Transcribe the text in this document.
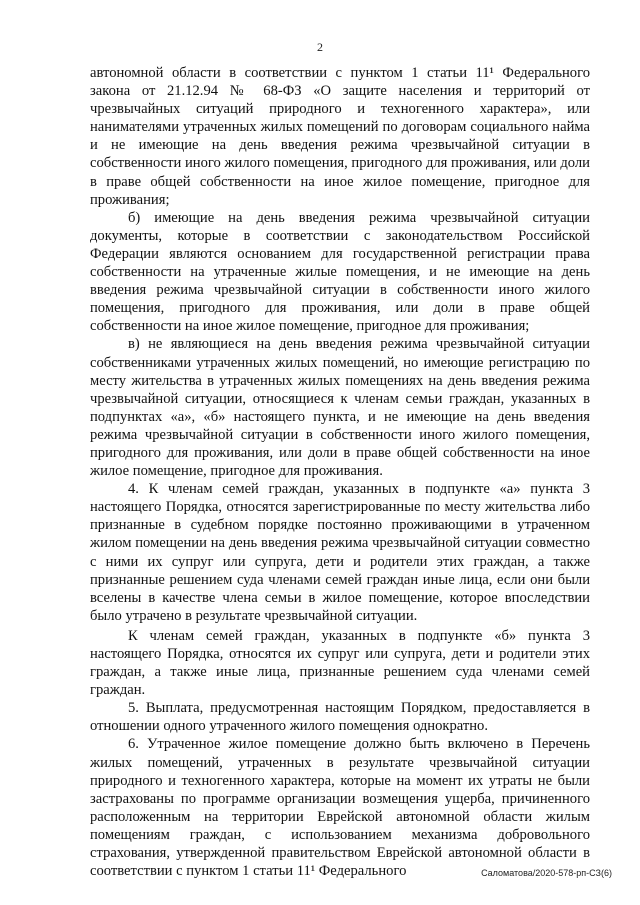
2

автономной области в соответствии с пунктом 1 статьи 11¹ Федерального закона от 21.12.94 № 68-ФЗ «О защите населения и территорий от чрезвычайных ситуаций природного и техногенного характера», или нанимателями утраченных жилых помещений по договорам социального найма и не имеющие на день введения режима чрезвычайной ситуации в собственности иного жилого помещения, пригодного для проживания, или доли в праве общей собственности на иное жилое помещение, пригодное для проживания;

б) имеющие на день введения режима чрезвычайной ситуации документы, которые в соответствии с законодательством Российской Федерации являются основанием для государственной регистрации права собственности на утраченные жилые помещения, и не имеющие на день введения режима чрезвычайной ситуации в собственности иного жилого помещения, пригодного для проживания, или доли в праве общей собственности на иное жилое помещение, пригодное для проживания;

в) не являющиеся на день введения режима чрезвычайной ситуации собственниками утраченных жилых помещений, но имеющие регистрацию по месту жительства в утраченных жилых помещениях на день введения режима чрезвычайной ситуации, относящиеся к членам семьи граждан, указанных в подпунктах «а», «б» настоящего пункта, и не имеющие на день введения режима чрезвычайной ситуации в собственности иного жилого помещения, пригодного для проживания, или доли в праве общей собственности на иное жилое помещение, пригодное для проживания.

4. К членам семей граждан, указанных в подпункте «а» пункта 3 настоящего Порядка, относятся зарегистрированные по месту жительства либо признанные в судебном порядке постоянно проживающими в утраченном жилом помещении на день введения режима чрезвычайной ситуации совместно с ними их супруг или супруга, дети и родители этих граждан, а также признанные решением суда членами семей граждан иные лица, если они были вселены в качестве члена семьи в жилое помещение, которое впоследствии было утрачено в результате чрезвычайной ситуации.

К членам семей граждан, указанных в подпункте «б» пункта 3 настоящего Порядка, относятся их супруг или супруга, дети и родители этих граждан, а также иные лица, признанные решением суда членами семей граждан.

5. Выплата, предусмотренная настоящим Порядком, предоставляется в отношении одного утраченного жилого помещения однократно.

6. Утраченное жилое помещение должно быть включено в Перечень жилых помещений, утраченных в результате чрезвычайной ситуации природного и техногенного характера, которые на момент их утраты не были застрахованы по программе организации возмещения ущерба, причиненного расположенным на территории Еврейской автономной области жилым помещениям граждан, с использованием механизма добровольного страхования, утвержденной правительством Еврейской автономной области в соответствии с пунктом 1 статьи 11¹ Федерального	Саломатова/2020-578-рп-СЗ(6)
